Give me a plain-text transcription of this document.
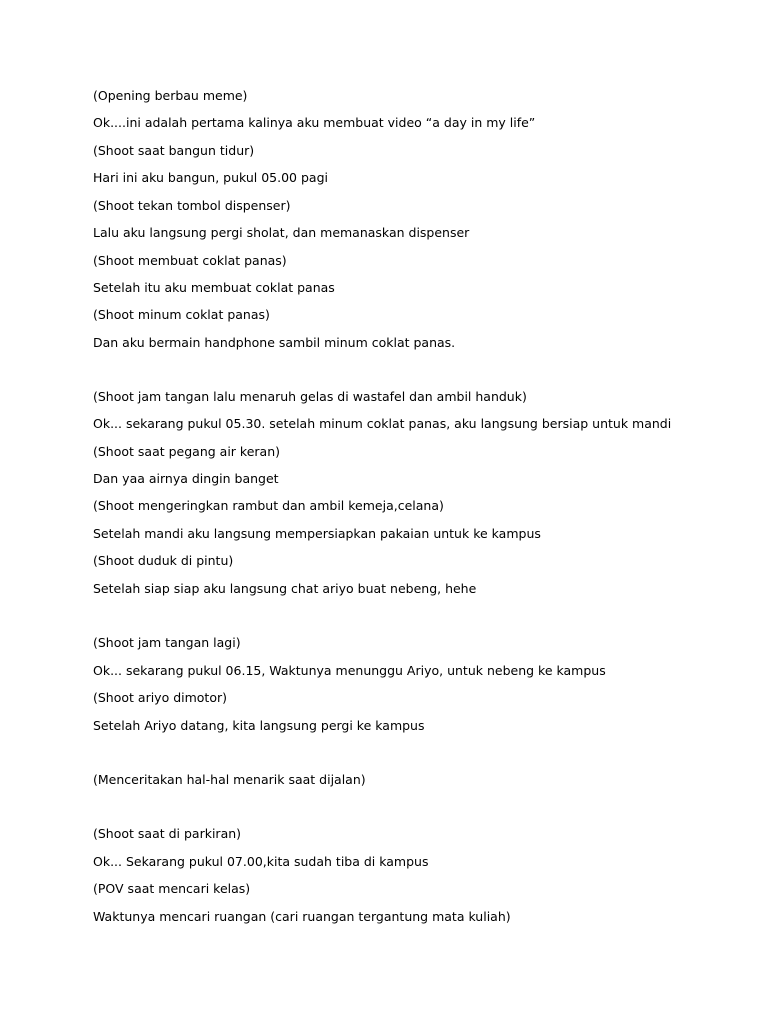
(Opening berbau meme)

Ok....ini adalah pertama kalinya aku membuat video “a day in my life”

(Shoot saat bangun tidur)

Hari ini aku bangun, pukul 05.00 pagi

(Shoot tekan tombol dispenser)

Lalu aku langsung pergi sholat, dan memanaskan dispenser

(Shoot membuat coklat panas)

Setelah itu aku membuat coklat panas

(Shoot minum coklat panas)

Dan aku bermain handphone sambil minum coklat panas.

(Shoot jam tangan lalu menaruh gelas di wastafel dan ambil handuk)

Ok... sekarang pukul 05.30. setelah minum coklat panas, aku langsung bersiap untuk mandi

(Shoot saat pegang air keran)

Dan yaa airnya dingin banget

(Shoot mengeringkan rambut dan ambil kemeja,celana)

Setelah mandi aku langsung mempersiapkan pakaian untuk ke kampus

(Shoot duduk di pintu)

Setelah siap siap aku langsung chat ariyo buat nebeng, hehe

(Shoot jam tangan lagi)

Ok... sekarang pukul 06.15, Waktunya menunggu Ariyo, untuk nebeng ke kampus

(Shoot ariyo dimotor)

Setelah Ariyo datang, kita langsung pergi ke kampus

(Menceritakan hal-hal menarik saat dijalan)

(Shoot saat di parkiran)

Ok... Sekarang pukul 07.00,kita sudah tiba di kampus

(POV saat mencari kelas)

Waktunya mencari ruangan (cari ruangan tergantung mata kuliah)
